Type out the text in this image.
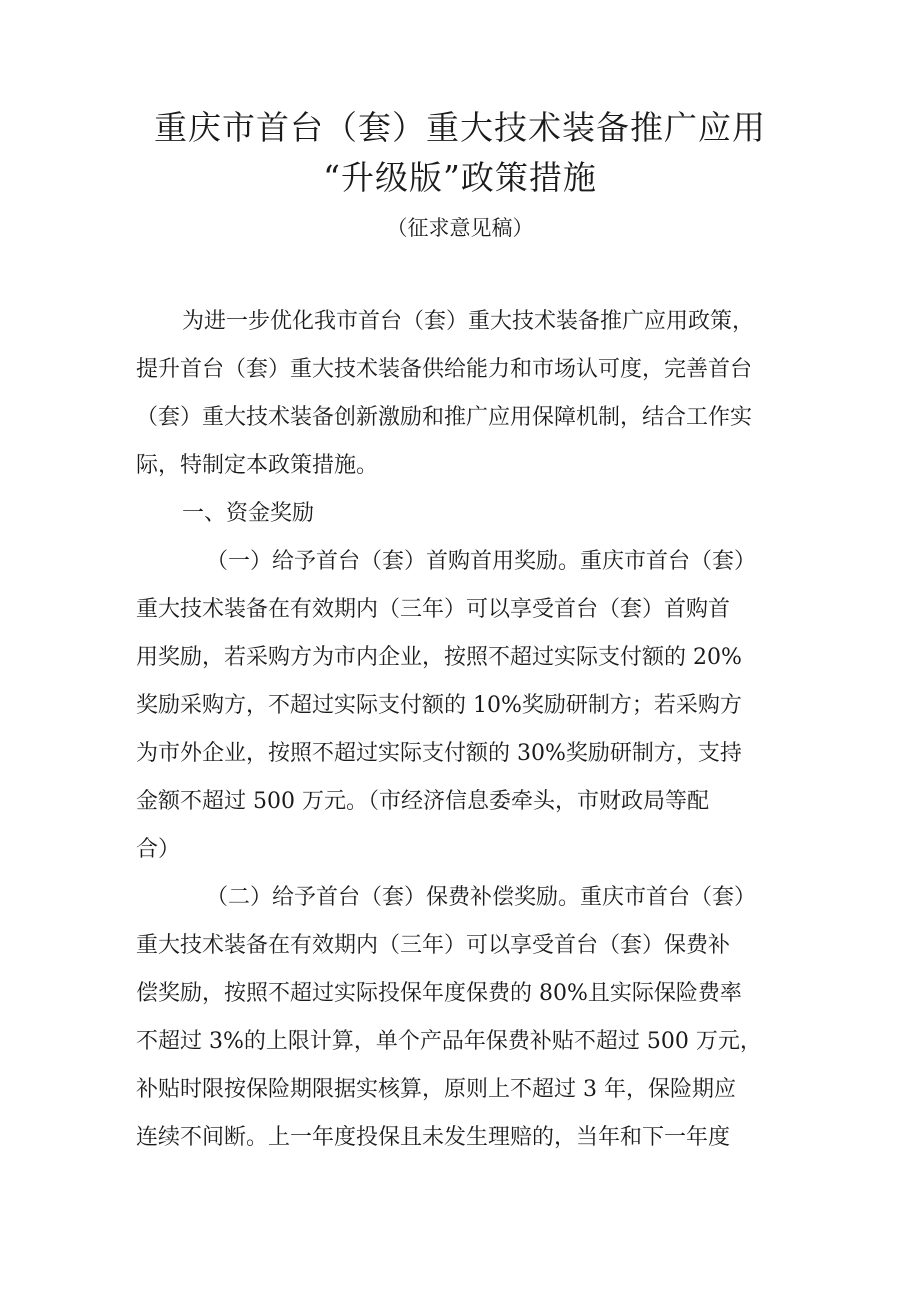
重庆市首台（套）重大技术装备推广应用
“升级版”政策措施
（征求意见稿）
为进一步优化我市首台（套）重大技术装备推广应用政策，
提升首台（套）重大技术装备供给能力和市场认可度，完善首台
（套）重大技术装备创新激励和推广应用保障机制，结合工作实
际，特制定本政策措施。
一、资金奖励
（一）给予首台（套）首购首用奖励。重庆市首台（套）
重大技术装备在有效期内（三年）可以享受首台（套）首购首
用奖励，若采购方为市内企业，按照不超过实际支付额的 20%
奖励采购方，不超过实际支付额的 10%奖励研制方；若采购方
为市外企业，按照不超过实际支付额的 30%奖励研制方，支持
金额不超过 500 万元。（市经济信息委牵头，市财政局等配
合）
（二）给予首台（套）保费补偿奖励。重庆市首台（套）
重大技术装备在有效期内（三年）可以享受首台（套）保费补
偿奖励，按照不超过实际投保年度保费的 80%且实际保险费率
不超过 3%的上限计算，单个产品年保费补贴不超过 500 万元，
补贴时限按保险期限据实核算，原则上不超过 3 年，保险期应
连续不间断。上一年度投保且未发生理赔的，当年和下一年度
